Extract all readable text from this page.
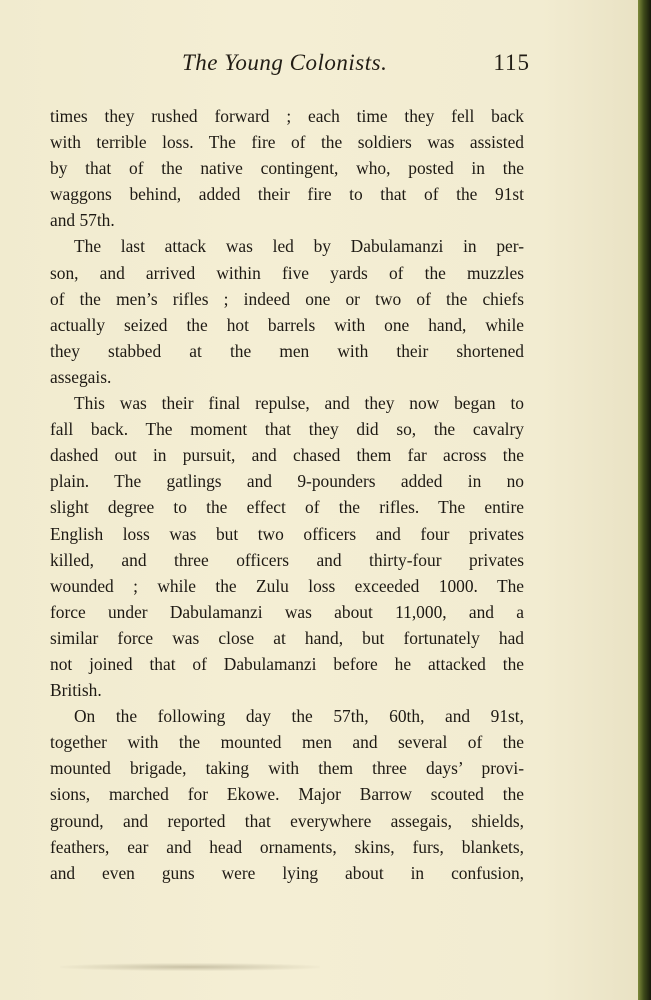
The Young Colonists.	115
times they rushed forward ; each time they fell back
with terrible loss. The fire of the soldiers was assisted
by that of the native contingent, who, posted in the
waggons behind, added their fire to that of the 91st
and 57th.
The last attack was led by Dabulamanzi in per-
son, and arrived within five yards of the muzzles
of the men’s rifles ; indeed one or two of the chiefs
actually seized the hot barrels with one hand, while
they stabbed at the men with their shortened
assegais.
This was their final repulse, and they now began to
fall back. The moment that they did so, the cavalry
dashed out in pursuit, and chased them far across the
plain. The gatlings and 9-pounders added in no
slight degree to the effect of the rifles. The entire
English loss was but two officers and four privates
killed, and three officers and thirty-four privates
wounded ; while the Zulu loss exceeded 1000. The
force under Dabulamanzi was about 11,000, and a
similar force was close at hand, but fortunately had
not joined that of Dabulamanzi before he attacked the
British.
On the following day the 57th, 60th, and 91st,
together with the mounted men and several of the
mounted brigade, taking with them three days’ provi-
sions, marched for Ekowe. Major Barrow scouted the
ground, and reported that everywhere assegais, shields,
feathers, ear and head ornaments, skins, furs, blankets,
and even guns were lying about in confusion,
